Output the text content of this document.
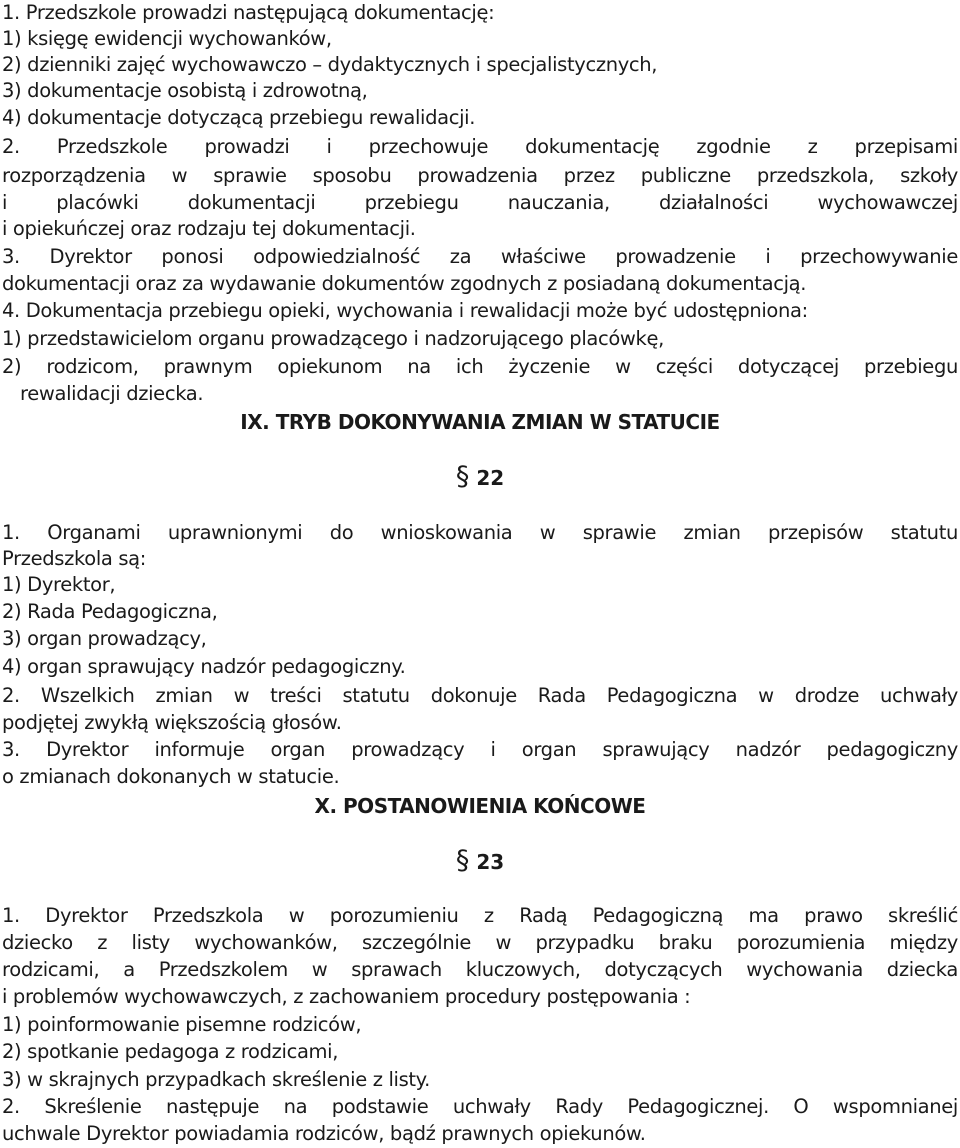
1. Przedszkole prowadzi następującą dokumentację:
1) księgę ewidencji wychowanków,
2) dzienniki zajęć wychowawczo – dydaktycznych i specjalistycznych,
3) dokumentacje osobistą i zdrowotną,
4) dokumentacje dotyczącą przebiegu rewalidacji.
2. Przedszkole prowadzi i przechowuje dokumentację zgodnie z przepisami
rozporządzenia w sprawie sposobu prowadzenia przez publiczne przedszkola, szkoły
i placówki dokumentacji przebiegu nauczania, działalności wychowawczej
i opiekuńczej oraz rodzaju tej dokumentacji.
3. Dyrektor ponosi odpowiedzialność za właściwe prowadzenie i przechowywanie
dokumentacji oraz za wydawanie dokumentów zgodnych z posiadaną dokumentacją.
4. Dokumentacja przebiegu opieki, wychowania i rewalidacji może być udostępniona:
1) przedstawicielom organu prowadzącego i nadzorującego placówkę,
2) rodzicom, prawnym opiekunom na ich życzenie w części dotyczącej przebiegu
rewalidacji dziecka.
IX. TRYB DOKONYWANIA ZMIAN W STATUCIE
§ 22
1. Organami uprawnionymi do wnioskowania w sprawie zmian przepisów statutu
Przedszkola są:
1) Dyrektor,
2) Rada Pedagogiczna,
3) organ prowadzący,
4) organ sprawujący nadzór pedagogiczny.
2. Wszelkich zmian w treści statutu dokonuje Rada Pedagogiczna w drodze uchwały
podjętej zwykłą większością głosów.
3. Dyrektor informuje organ prowadzący i organ sprawujący nadzór pedagogiczny
o zmianach dokonanych w statucie.
X. POSTANOWIENIA KOŃCOWE
§ 23
1. Dyrektor Przedszkola w porozumieniu z Radą Pedagogiczną ma prawo skreślić
dziecko z listy wychowanków, szczególnie w przypadku braku porozumienia między
rodzicami, a Przedszkolem w sprawach kluczowych, dotyczących wychowania dziecka
i problemów wychowawczych, z zachowaniem procedury postępowania :
1) poinformowanie pisemne rodziców,
2) spotkanie pedagoga z rodzicami,
3) w skrajnych przypadkach skreślenie z listy.
2. Skreślenie następuje na podstawie uchwały Rady Pedagogicznej. O wspomnianej
uchwale Dyrektor powiadamia rodziców, bądź prawnych opiekunów.
